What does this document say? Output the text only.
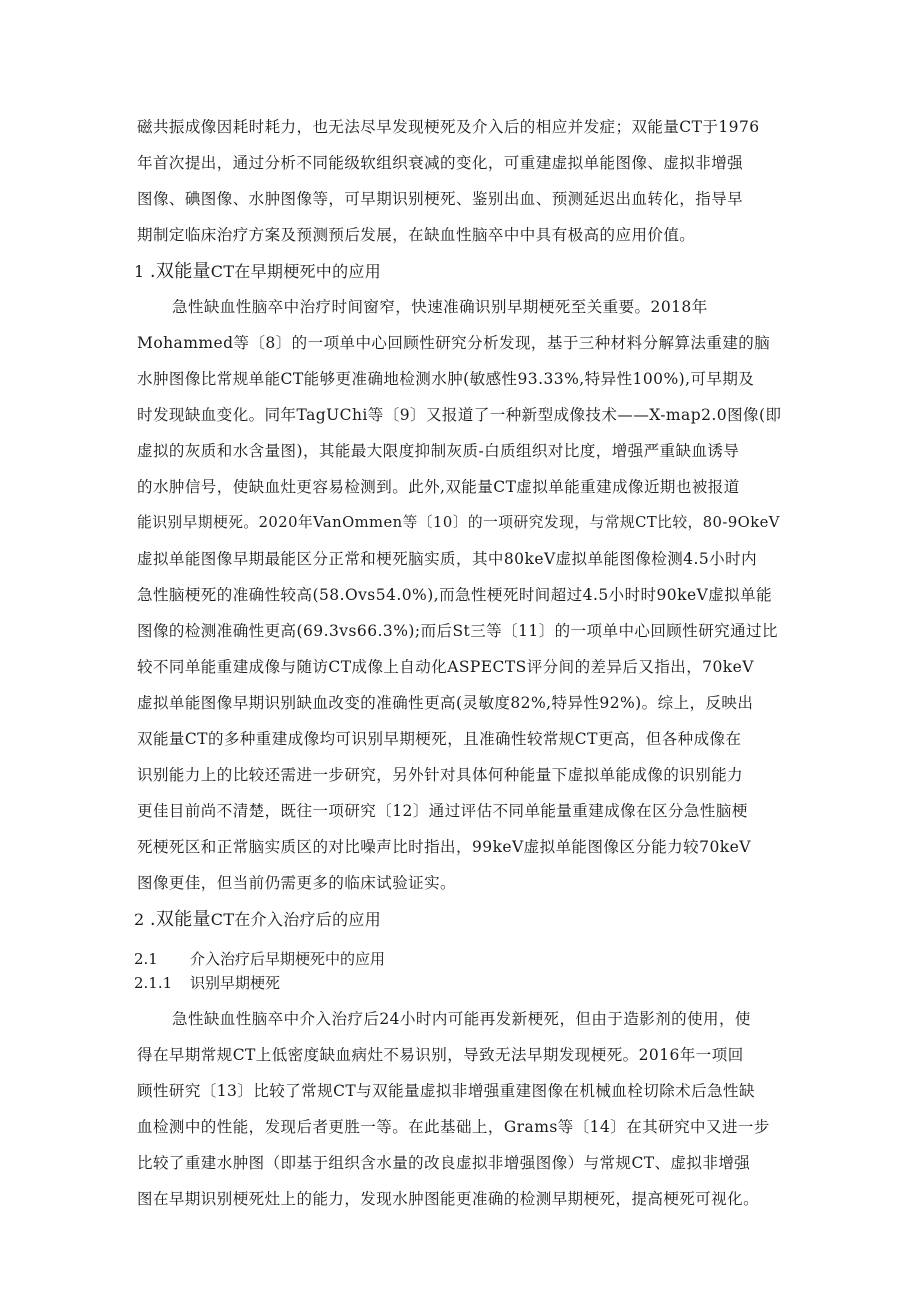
磁共振成像因耗时耗力，也无法尽早发现梗死及介入后的相应并发症；双能量CT于1976
年首次提出，通过分析不同能级软组织衰减的变化，可重建虚拟单能图像、虚拟非增强
图像、碘图像、水肿图像等，可早期识别梗死、鉴别出血、预测延迟出血转化，指导早
期制定临床治疗方案及预测预后发展，在缺血性脑卒中中具有极高的应用价值。
1 .双能量CT在早期梗死中的应用
急性缺血性脑卒中治疗时间窗窄，快速准确识别早期梗死至关重要。2018年
Mohammed等〔8〕的一项单中心回顾性研究分析发现，基于三种材料分解算法重建的脑
水肿图像比常规单能CT能够更准确地检测水肿(敏感性93.33%,特异性100%),可早期及
时发现缺血变化。同年TagUChi等〔9〕又报道了一种新型成像技术——X-map2.0图像(即
虚拟的灰质和水含量图)，其能最大限度抑制灰质-白质组织对比度，增强严重缺血诱导
的水肿信号，使缺血灶更容易检测到。此外,双能量CT虚拟单能重建成像近期也被报道
能识别早期梗死。2020年VanOmmen等〔10〕的一项研究发现，与常规CT比较，80-9OkeV
虚拟单能图像早期最能区分正常和梗死脑实质，其中80keV虚拟单能图像检测4.5小时内
急性脑梗死的准确性较高(58.Ovs54.0%),而急性梗死时间超过4.5小时时90keV虚拟单能
图像的检测准确性更高(69.3vs66.3%);而后St三等〔11〕的一项单中心回顾性研究通过比
较不同单能重建成像与随访CT成像上自动化ASPECTS评分间的差异后又指出，70keV
虚拟单能图像早期识别缺血改变的准确性更高(灵敏度82%,特异性92%)。综上，反映出
双能量CT的多种重建成像均可识别早期梗死，且准确性较常规CT更高，但各种成像在
识别能力上的比较还需进一步研究，另外针对具体何种能量下虚拟单能成像的识别能力
更佳目前尚不清楚，既往一项研究〔12〕通过评估不同单能量重建成像在区分急性脑梗
死梗死区和正常脑实质区的对比噪声比时指出，99keV虚拟单能图像区分能力较70keV
图像更佳，但当前仍需更多的临床试验证实。
2 .双能量CT在介入治疗后的应用
2.1 介入治疗后早期梗死中的应用
2.1.1 识别早期梗死
急性缺血性脑卒中介入治疗后24小时内可能再发新梗死，但由于造影剂的使用，使
得在早期常规CT上低密度缺血病灶不易识别，导致无法早期发现梗死。2016年一项回
顾性研究〔13〕比较了常规CT与双能量虚拟非增强重建图像在机械血栓切除术后急性缺
血检测中的性能，发现后者更胜一等。在此基础上，Grams等〔14〕在其研究中又进一步
比较了重建水肿图（即基于组织含水量的改良虚拟非增强图像）与常规CT、虚拟非增强
图在早期识别梗死灶上的能力，发现水肿图能更准确的检测早期梗死，提高梗死可视化。
